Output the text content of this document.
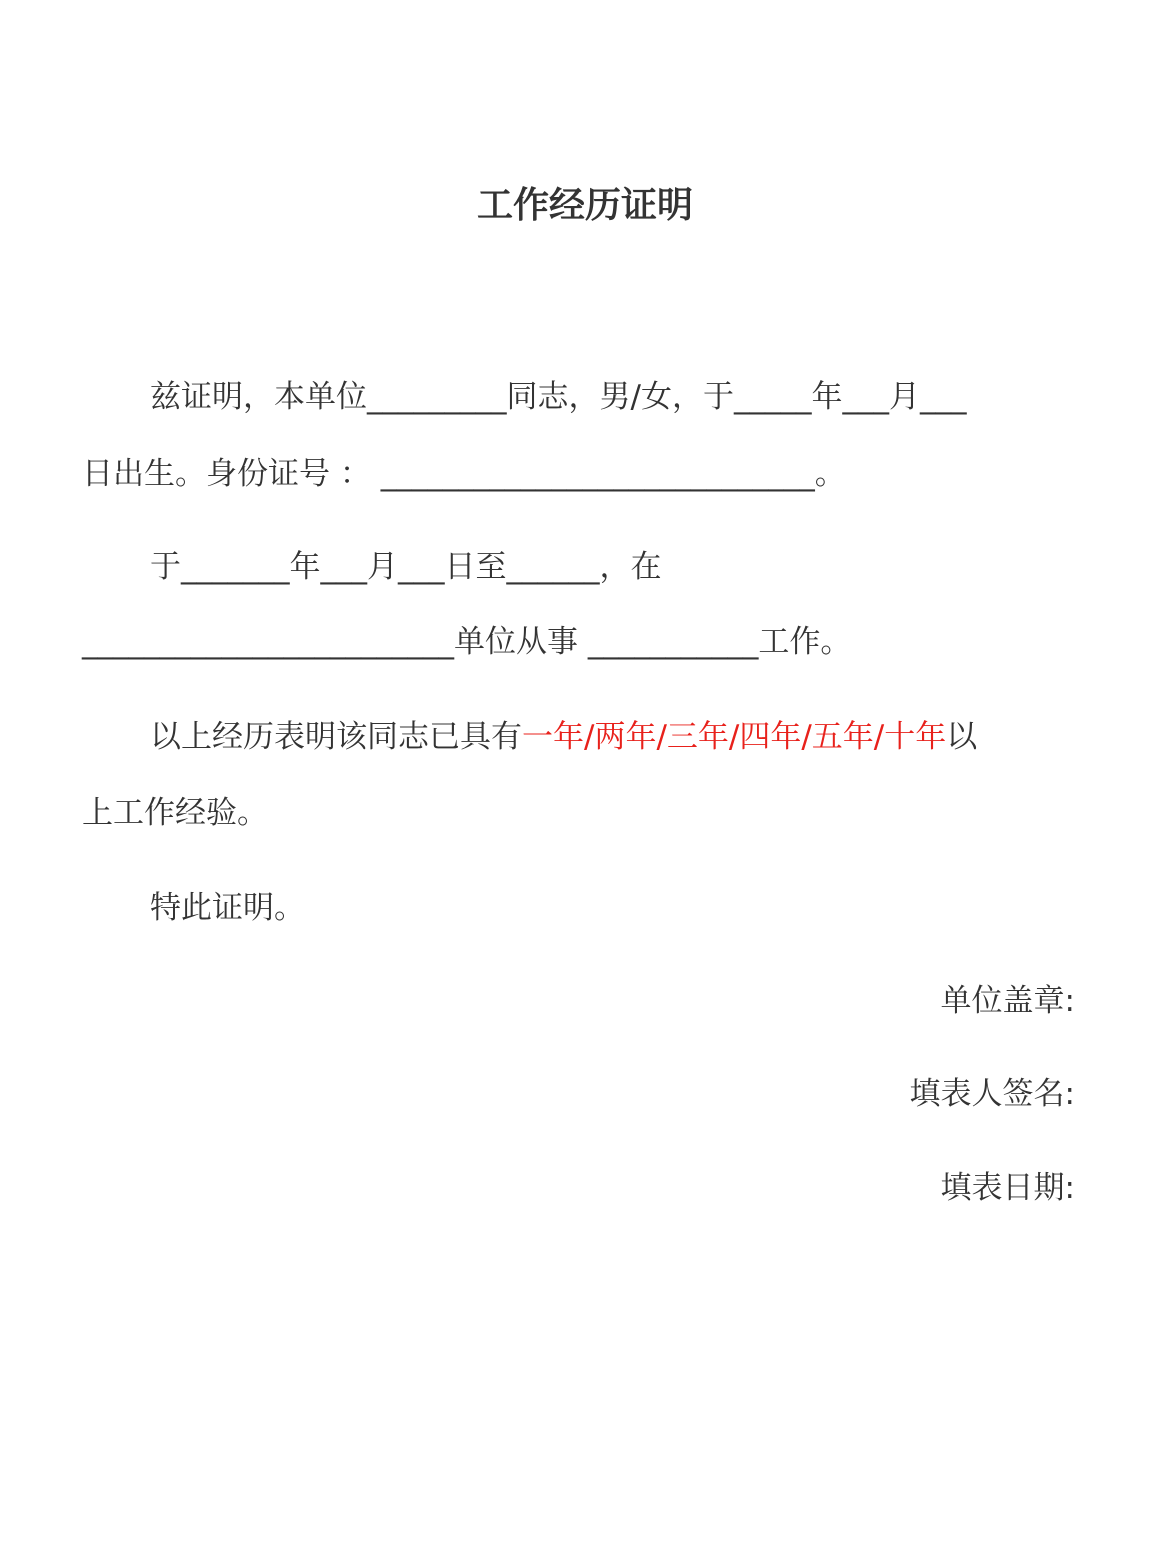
工作经历证明
兹证明，本单位_________同志，男/女，于_____年___月___
日出生。身份证号 ： ____________________________。
于_______年___月___日至______，在
________________________单位从事 ___________工作。
以上经历表明该同志已具有一年/两年/三年/四年/五年/十年以
上工作经验。
特此证明。
单位盖章:
填表人签名:
填表日期:
